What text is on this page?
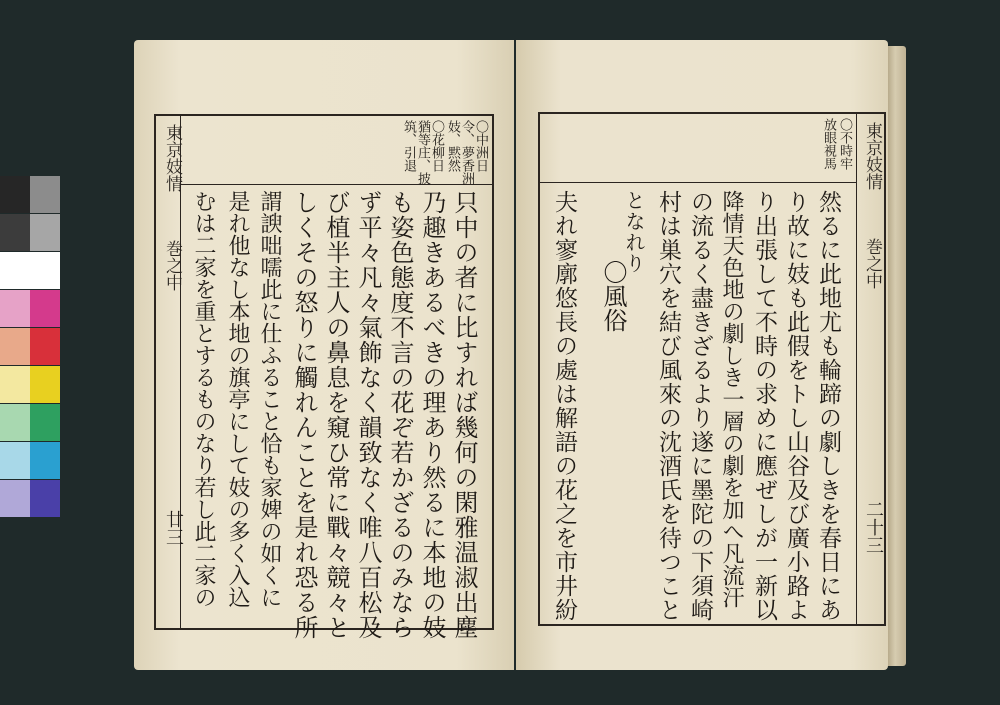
東京妓情
巻之中
廿三
〇中洲日
令、夢香洲
妓、黙然
〇花柳日
猶等庄、披
筑、引退
只中の者に比すれば幾何の閑雅温淑出塵
乃趣きあるべきの理あり然るに本地の妓
も姿色態度不言の花ぞ若かざるのみなら
ず平々凡々氣飾なく韻致なく唯八百松及
び植半主人の鼻息を窺ひ常に戰々競々と
しくその怒りに觸れんことを是れ恐る所
謂諛咄嚅此に仕ふること恰も家婢の如くに
是れ他なし本地の旗亭にして妓の多く入込
むは二家を重とするものなり若し此二家の
東京妓情
巻之中
二十三
〇不時牢
放眼視馬
然るに此地尤も輪蹄の劇しきを春日にあ
り故に妓も此假をトし山谷及び廣小路よ
り出張して不時の求めに應ぜしが一新以
降情天色地の劇しき一層の劇を加へ凡流汗
の流るく盡きざるより遂に墨陀の下須崎
村は巣穴を結び風來の沈酒氏を待つこと
となれり
〇風俗
夫れ寥廓悠長の處は解語の花之を市井紛
